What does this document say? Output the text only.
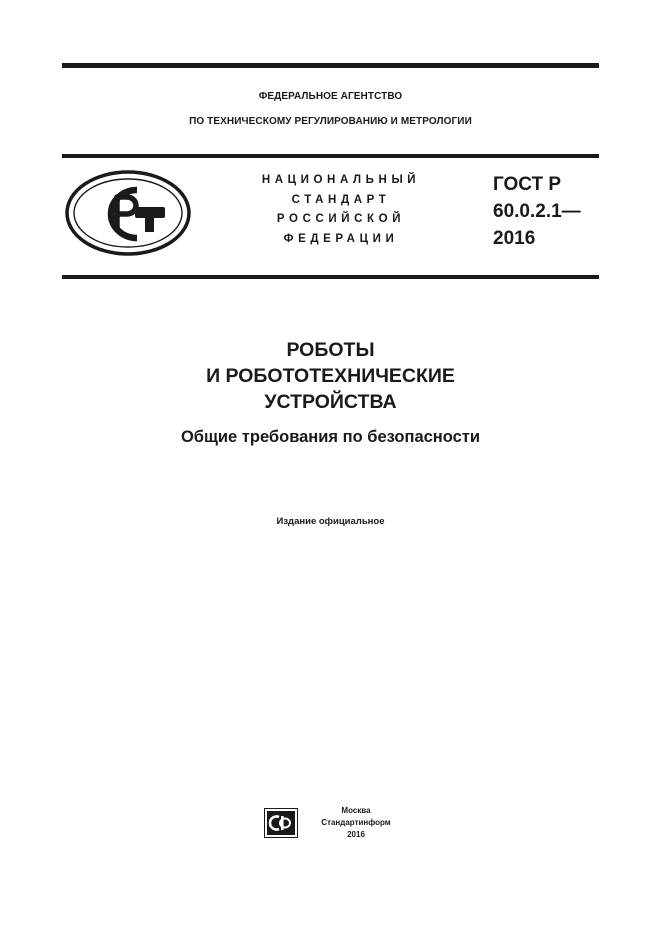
ФЕДЕРАЛЬНОЕ АГЕНТСТВО
ПО ТЕХНИЧЕСКОМУ РЕГУЛИРОВАНИЮ И МЕТРОЛОГИИ
НАЦИОНАЛЬНЫЙ
СТАНДАРТ
РОССИЙСКОЙ
ФЕДЕРАЦИИ
ГОСТ Р
60.0.2.1—
2016
РОБОТЫ
И РОБОТОТЕХНИЧЕСКИЕ
УСТРОЙСТВА
Общие требования по безопасности
Издание официальное
Москва
Стандартинформ
2016
